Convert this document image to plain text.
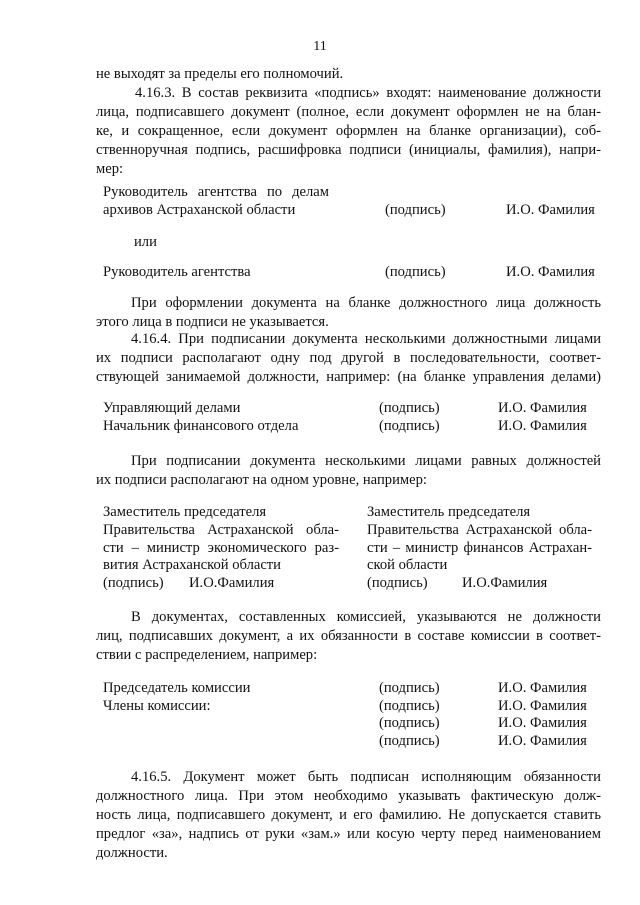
11
не выходят за пределы его полномочий.
4.16.3. В состав реквизита «подпись» входят: наименование должности
лица, подписавшего документ (полное, если документ оформлен не на блан-
ке, и сокращенное, если документ оформлен на бланке организации), соб-
ственноручная подпись, расшифровка подписи (инициалы, фамилия), напри-
мер:
Руководитель агентства по делам
архивов Астраханской области	(подпись)	И.О. Фамилия
или
Руководитель агентства	(подпись)	И.О. Фамилия
При оформлении документа на бланке должностного лица должность
этого лица в подписи не указывается.
4.16.4. При подписании документа несколькими должностными лицами
их подписи располагают одну под другой в последовательности, соответ-
ствующей занимаемой должности, например: (на бланке управления делами)
Управляющий делами	(подпись)	И.О. Фамилия
Начальник финансового отдела	(подпись)	И.О. Фамилия
При подписании документа несколькими лицами равных должностей
их подписи располагают на одном уровне, например:
Заместитель председателя
Правительства Астраханской обла-
сти – министр экономического раз-
вития Астраханской области
(подпись) И.О.Фамилия
Заместитель председателя
Правительства Астраханской обла-
сти – министр финансов Астрахан-
ской области
(подпись) И.О.Фамилия
В документах, составленных комиссией, указываются не должности
лиц, подписавших документ, а их обязанности в составе комиссии в соответ-
ствии с распределением, например:
Председатель комиссии	(подпись)	И.О. Фамилия
Члены комиссии:	(подпись)	И.О. Фамилия
(подпись)	И.О. Фамилия
(подпись)	И.О. Фамилия
4.16.5. Документ может быть подписан исполняющим обязанности
должностного лица. При этом необходимо указывать фактическую долж-
ность лица, подписавшего документ, и его фамилию. Не допускается ставить
предлог «за», надпись от руки «зам.» или косую черту перед наименованием
должности.
